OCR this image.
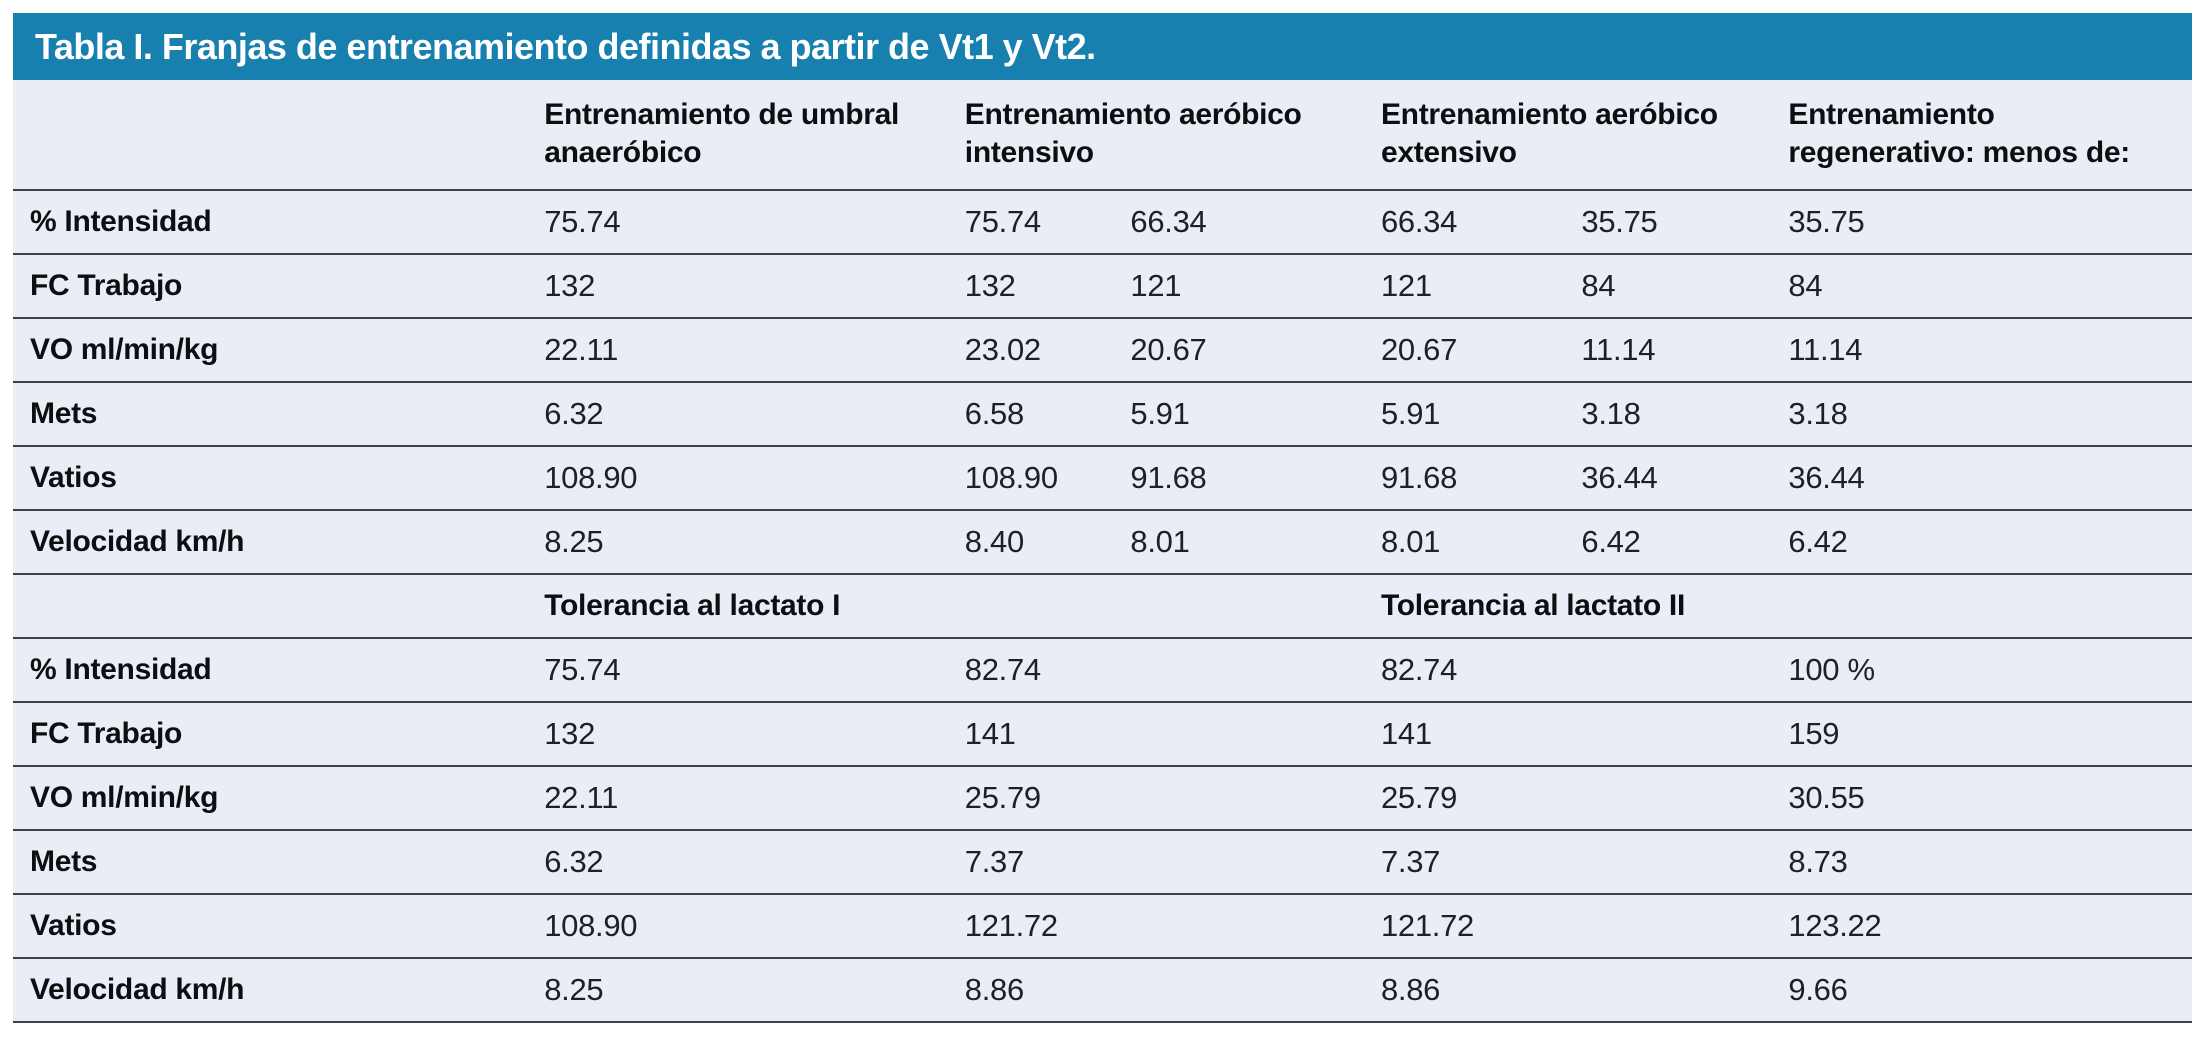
Tabla I. Franjas de entrenamiento definidas a partir de Vt1 y Vt2.
	Entrenamiento de umbral anaeróbico	Entrenamiento aeróbico intensivo		Entrenamiento aeróbico extensivo		Entrenamiento regenerativo: menos de:
% Intensidad	75.74	75.74	66.34	66.34	35.75	35.75
FC Trabajo	132	132	121	121	84	84
VO ml/min/kg	22.11	23.02	20.67	20.67	11.14	11.14
Mets	6.32	6.58	5.91	5.91	3.18	3.18
Vatios	108.90	108.90	91.68	91.68	36.44	36.44
Velocidad km/h	8.25	8.40	8.01	8.01	6.42	6.42
	Tolerancia al lactato I			Tolerancia al lactato II		
% Intensidad	75.74	82.74		82.74		100 %
FC Trabajo	132	141		141		159
VO ml/min/kg	22.11	25.79		25.79		30.55
Mets	6.32	7.37		7.37		8.73
Vatios	108.90	121.72		121.72		123.22
Velocidad km/h	8.25	8.86		8.86		9.66
